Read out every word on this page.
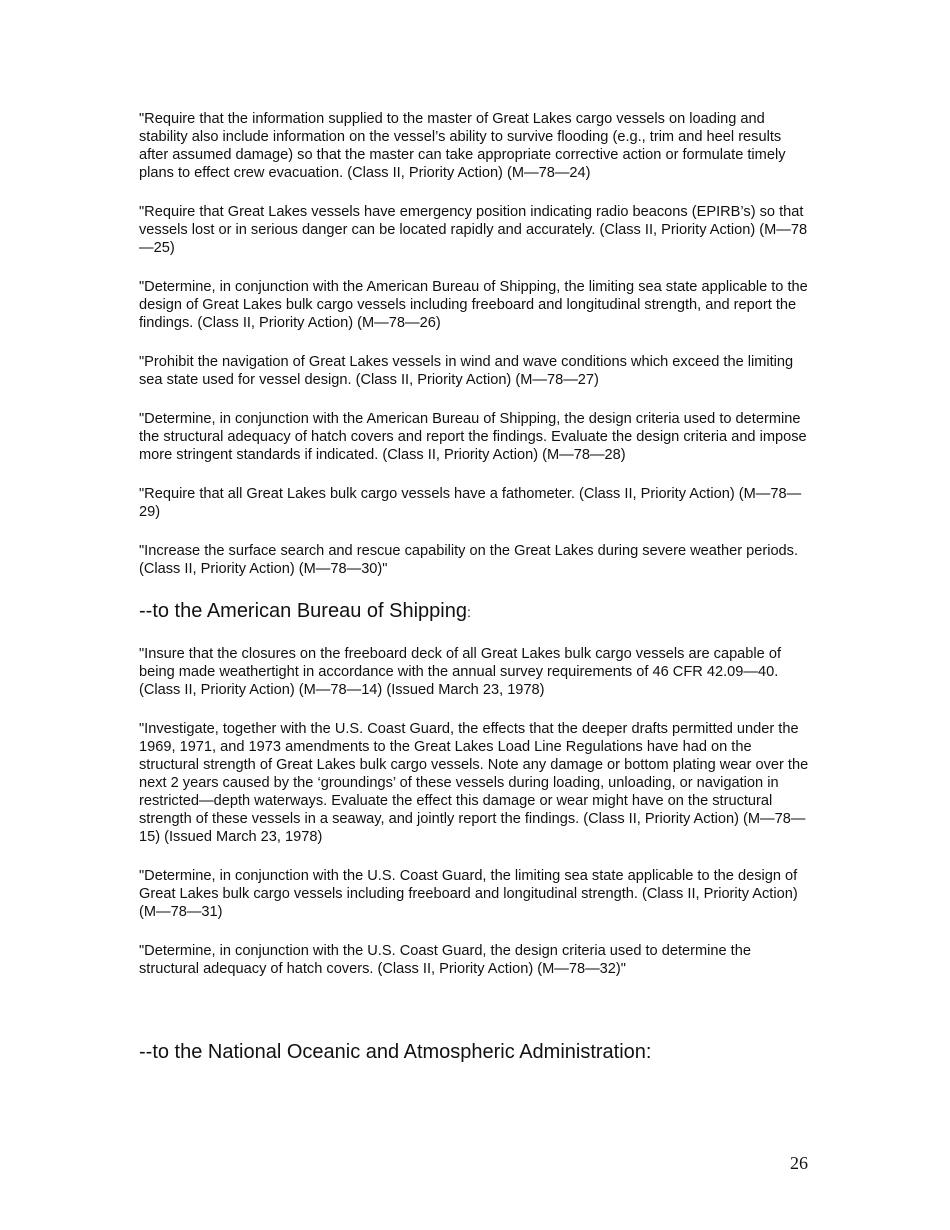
"Require that the information supplied to the master of Great Lakes cargo vessels on loading and stability also include information on the vessel’s ability to survive flooding (e.g., trim and heel results after assumed damage) so that the master can take appropriate corrective action or formulate timely plans to effect crew evacuation. (Class II, Priority Action) (M—78—24)

"Require that Great Lakes vessels have emergency position indicating radio beacons (EPIRB’s) so that vessels lost or in serious danger can be located rapidly and accurately. (Class II, Priority Action) (M—78—25)

"Determine, in conjunction with the American Bureau of Shipping, the limiting sea state applicable to the design of Great Lakes bulk cargo vessels including freeboard and longitudinal strength, and report the findings. (Class II, Priority Action) (M—78—26)

"Prohibit the navigation of Great Lakes vessels in wind and wave conditions which exceed the limiting sea state used for vessel design. (Class II, Priority Action) (M—78—27)

"Determine, in conjunction with the American Bureau of Shipping, the design criteria used to determine the structural adequacy of hatch covers and report the findings. Evaluate the design criteria and impose more stringent standards if indicated. (Class II, Priority Action) (M—78—28)

"Require that all Great Lakes bulk cargo vessels have a fathometer. (Class II, Priority Action) (M—78—29)

"Increase the surface search and rescue capability on the Great Lakes during severe weather periods. (Class II, Priority Action) (M—78—30)"

--to the American Bureau of Shipping:

"Insure that the closures on the freeboard deck of all Great Lakes bulk cargo vessels are capable of being made weathertight in accordance with the annual survey requirements of 46 CFR 42.09—40. (Class II, Priority Action) (M—78—14) (Issued March 23, 1978)

"Investigate, together with the U.S. Coast Guard, the effects that the deeper drafts permitted under the 1969, 1971, and 1973 amendments to the Great Lakes Load Line Regulations have had on the structural strength of Great Lakes bulk cargo vessels. Note any damage or bottom plating wear over the next 2 years caused by the ‘groundings’ of these vessels during loading, unloading, or navigation in restricted—depth waterways. Evaluate the effect this damage or wear might have on the structural strength of these vessels in a seaway, and jointly report the findings. (Class II, Priority Action) (M—78—15) (Issued March 23, 1978)

"Determine, in conjunction with the U.S. Coast Guard, the limiting sea state applicable to the design of Great Lakes bulk cargo vessels including freeboard and longitudinal strength. (Class II, Priority Action) (M—78—31)

"Determine, in conjunction with the U.S. Coast Guard, the design criteria used to determine the structural adequacy of hatch covers. (Class II, Priority Action) (M—78—32)"

--to the National Oceanic and Atmospheric Administration:
26
